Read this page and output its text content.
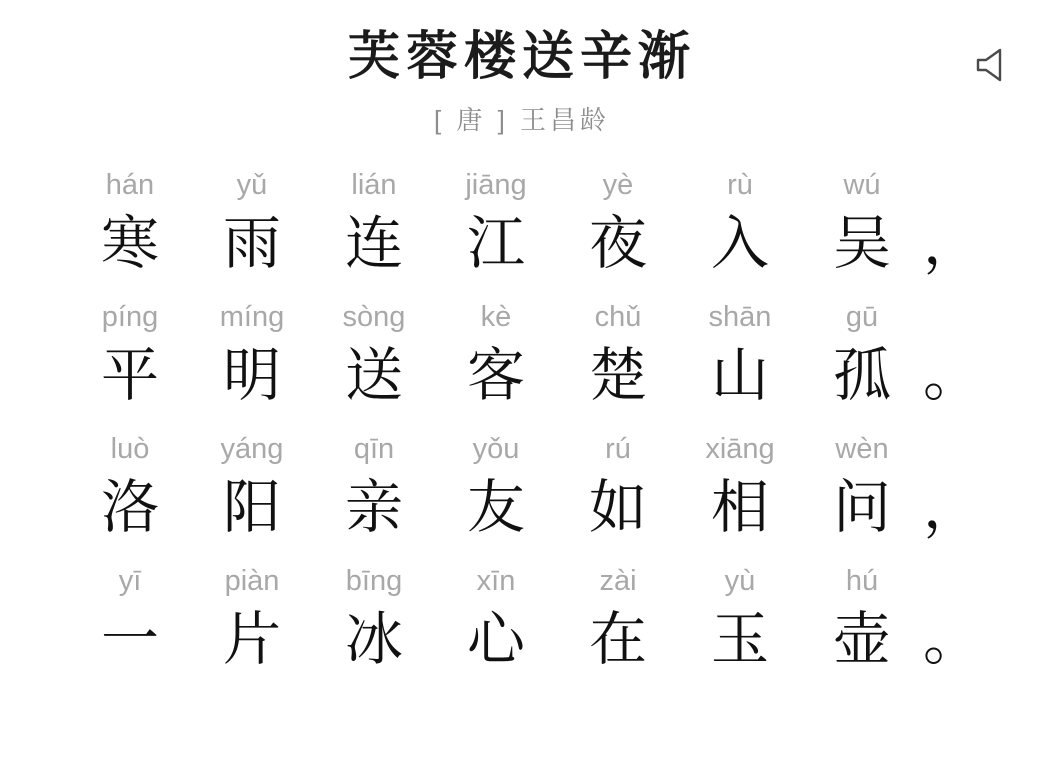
芙蓉楼送辛渐
[ 唐 ] 王昌龄
hán
寒
yǔ
雨
lián
连
jiāng
江
yè
夜
rù
入
wú
吴 ，
píng
平
míng
明
sòng
送
kè
客
chǔ
楚
shān
山
gū
孤 。
luò
洛
yáng
阳
qīn
亲
yǒu
友
rú
如
xiāng
相
wèn
问 ，
yī
一
piàn
片
bīng
冰
xīn
心
zài
在
yù
玉
hú
壶 。
